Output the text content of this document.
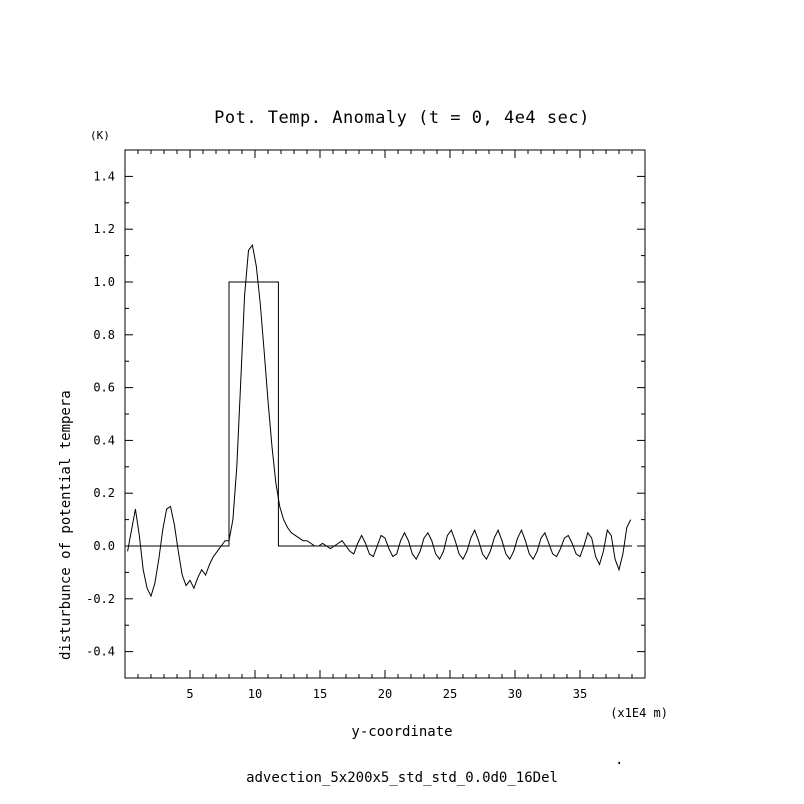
Pot. Temp. Anomaly (t = 0, 4e4 sec)
(K)
disturbunce of potential tempera
5	10	15	20	25	30	35
-0.4
-0.2
0.0
0.2
0.4
0.6
0.8
1.0
1.2
1.4
(x1E4 m)
y-coordinate
.
advection_5x200x5_std_std_0.0d0_16Del
